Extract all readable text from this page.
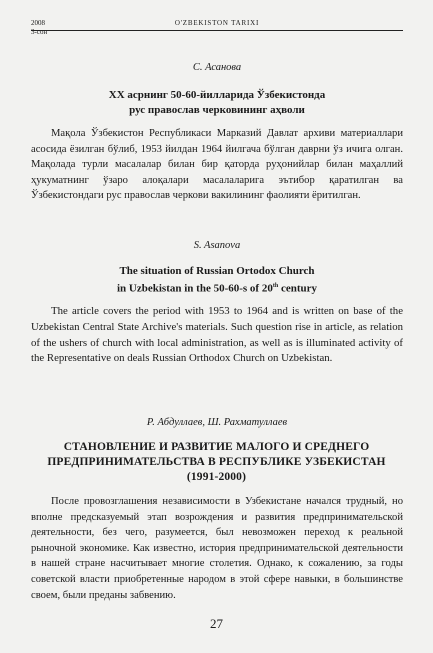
2008
3-сон
O'ZBEKISTON TARIXI
С. Асанова
XX асрнинг 50-60-йилларида Ўзбекистонда
рус православ черковининг аҳволи

Мақола Ўзбекистон Республикаси Марказий Давлат архиви материаллари асосида ёзилган бўлиб, 1953 йилдан 1964 йилгача бўлган даврни ўз ичига олган. Мақолада турли масалалар билан бир қаторда руҳонийлар билан маҳаллий ҳукуматнинг ўзаро алоқалари масалаларига эътибор қаратилган ва Ўзбекистондаги рус православ черкови вакилининг фаолияти ёритилган.

S. Asanova
The situation of Russian Ortodox Church
in Uzbekistan in the 50-60-s of 20th century

The article covers the period with 1953 to 1964 and is written on base of the Uzbekistan Central State Archive's materials. Such question rise in article, as relation of the ushers of church with local administration, as well as is illuminated activity of the Representative on deals Russian Orthodox Church on Uzbekistan.

Р. Абдуллаев, Ш. Рахматуллаев
СТАНОВЛЕНИЕ И РАЗВИТИЕ МАЛОГО И СРЕДНЕГО
ПРЕДПРИНИМАТЕЛЬСТВА В РЕСПУБЛИКЕ УЗБЕКИСТАН
(1991-2000)

После провозглашения независимости в Узбекистане начался трудный, но вполне предсказуемый этап возрождения и развития предпринимательской деятельности, без чего, разумеется, был невозможен переход к реальной рыночной экономике. Как известно, история предпринимательской деятельности в нашей стране насчитывает многие столетия. Однако, к сожалению, за годы советской власти приобретенные народом в этой сфере навыки, в большинстве своем, были преданы забвению.

27
